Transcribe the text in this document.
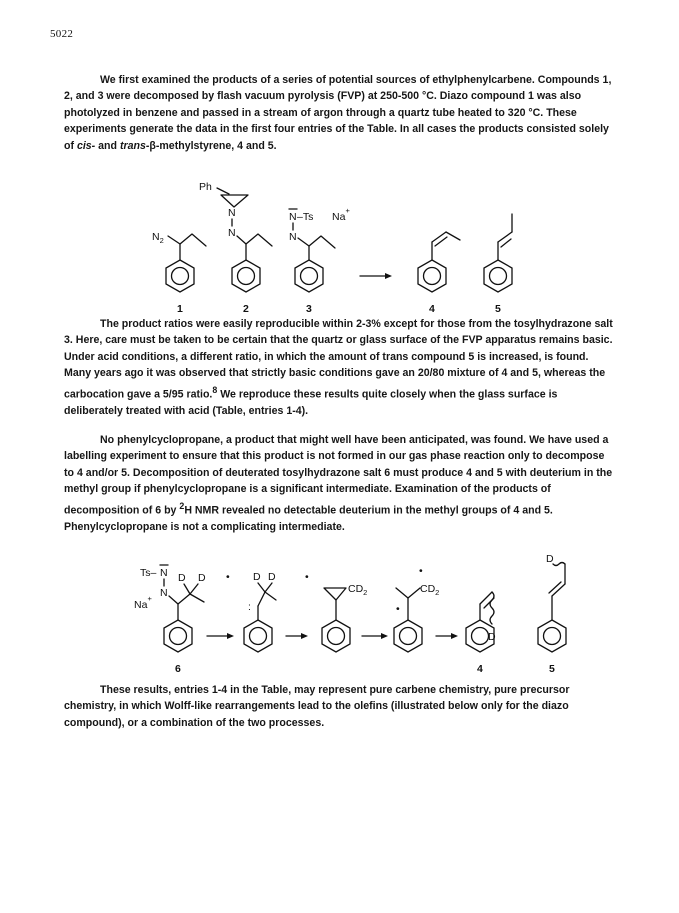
5022

We first examined the products of a series of potential sources of ethylphenylcarbene. Compounds 1, 2, and 3 were decomposed by flash vacuum pyrolysis (FVP) at 250-500 °C. Diazo compound 1 was also photolyzed in benzene and passed in a stream of argon through a quartz tube heated to 320 °C. These experiments generate the data in the first four entries of the Table. In all cases the products consisted solely of cis- and trans-β-methylstyrene, 4 and 5.

$N_2$
1
Ph
N
N
2
N –Ts Na+
N
3	4	5

The product ratios were easily reproducible within 2-3% except for those from the tosylhydrazone salt 3. Here, care must be taken to be certain that the quartz or glass surface of the FVP apparatus remains basic. Under acid conditions, a different ratio, in which the amount of trans compound 5 is increased, is found. Many years ago it was observed that strictly basic conditions gave an 20/80 mixture of 4 and 5, whereas the carbocation gave a 5/95 ratio.$^8$ We reproduce these results quite closely when the glass surface is deliberately treated with acid (Table, entries 1-4).

No phenylcyclopropane, a product that might well have been anticipated, was found. We have used a labelling experiment to ensure that this product is not formed in our gas phase reaction only to decompose to 4 and/or 5. Decomposition of deuterated tosylhydrazone salt 6 must produce 4 and 5 with deuterium in the methyl group if phenylcyclopropane is a significant intermediate. Examination of the products of decomposition of 6 by $^2$H NMR revealed no detectable deuterium in the methyl groups of 4 and 5. Phenylcyclopropane is not a complicating intermediate.

Ts– N
N
Na+
D D
6
• D D
:
•
$CD_2$	$CD_2$
•
•
D
4
D
5

These results, entries 1-4 in the Table, may represent pure carbene chemistry, pure precursor chemistry, in which Wolff-like rearrangements lead to the olefins (illustrated below only for the diazo compound), or a combination of the two processes.
